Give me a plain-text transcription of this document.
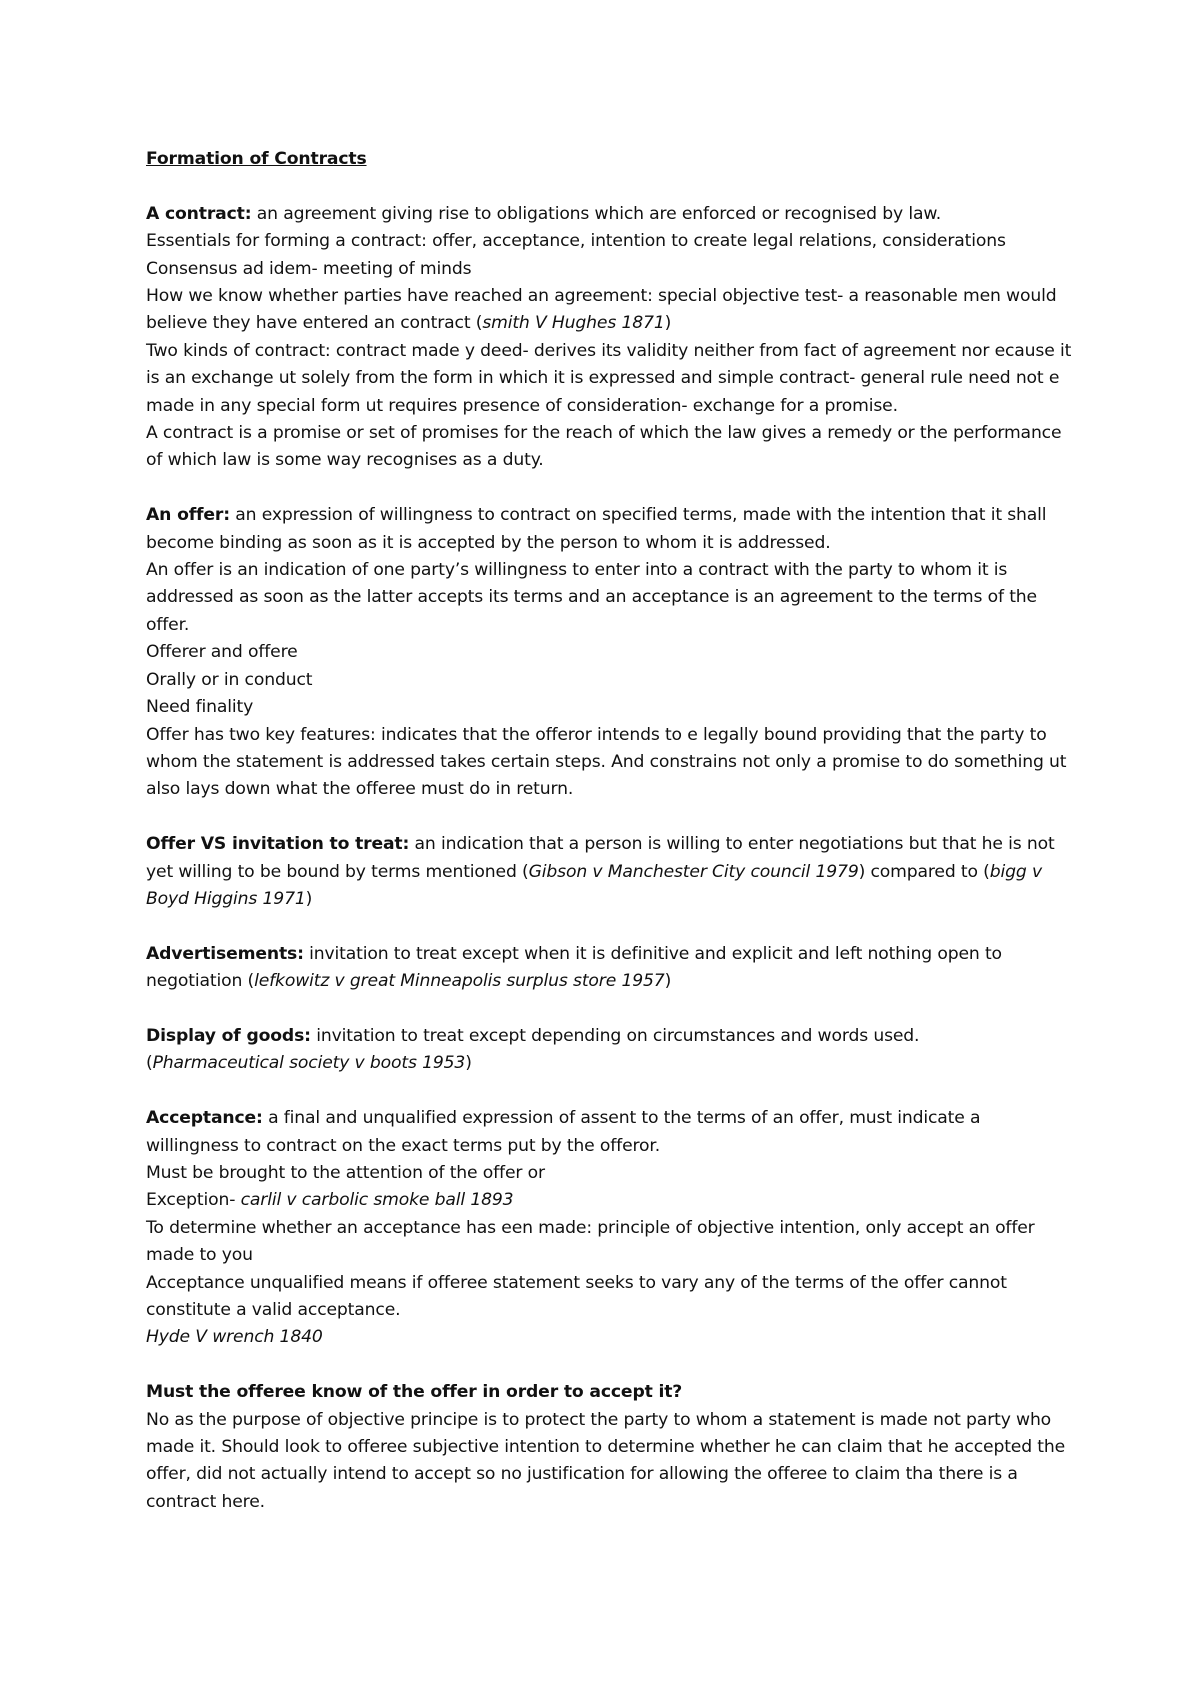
Formation of Contracts

A contract: an agreement giving rise to obligations which are enforced or recognised by law.

Essentials for forming a contract: offer, acceptance, intention to create legal relations, considerations

Consensus ad idem- meeting of minds

How we know whether parties have reached an agreement: special objective test- a reasonable men would believe they have entered an contract (smith V Hughes 1871)

Two kinds of contract: contract made y deed- derives its validity neither from fact of agreement nor ecause it is an exchange ut solely from the form in which it is expressed and simple contract- general rule need not e made in any special form ut requires presence of consideration- exchange for a promise.

A contract is a promise or set of promises for the reach of which the law gives a remedy or the performance of which law is some way recognises as a duty.

An offer: an expression of willingness to contract on specified terms, made with the intention that it shall become binding as soon as it is accepted by the person to whom it is addressed.

An offer is an indication of one party’s willingness to enter into a contract with the party to whom it is addressed as soon as the latter accepts its terms and an acceptance is an agreement to the terms of the offer.

Offerer and offere

Orally or in conduct

Need finality

Offer has two key features: indicates that the offeror intends to e legally bound providing that the party to whom the statement is addressed takes certain steps. And constrains not only a promise to do something ut also lays down what the offeree must do in return.

Offer VS invitation to treat: an indication that a person is willing to enter negotiations but that he is not yet willing to be bound by terms mentioned (Gibson v Manchester City council 1979) compared to (bigg v Boyd Higgins 1971)

Advertisements: invitation to treat except when it is definitive and explicit and left nothing open to negotiation (lefkowitz v great Minneapolis surplus store 1957)

Display of goods: invitation to treat except depending on circumstances and words used.

(Pharmaceutical society v boots 1953)

Acceptance: a final and unqualified expression of assent to the terms of an offer, must indicate a willingness to contract on the exact terms put by the offeror.

Must be brought to the attention of the offer or

Exception- carlil v carbolic smoke ball 1893

To determine whether an acceptance has een made: principle of objective intention, only accept an offer made to you

Acceptance unqualified means if offeree statement seeks to vary any of the terms of the offer cannot constitute a valid acceptance.

Hyde V wrench 1840

Must the offeree know of the offer in order to accept it?

No as the purpose of objective principe is to protect the party to whom a statement is made not party who made it. Should look to offeree subjective intention to determine whether he can claim that he accepted the offer, did not actually intend to accept so no justification for allowing the offeree to claim tha there is a contract here.
